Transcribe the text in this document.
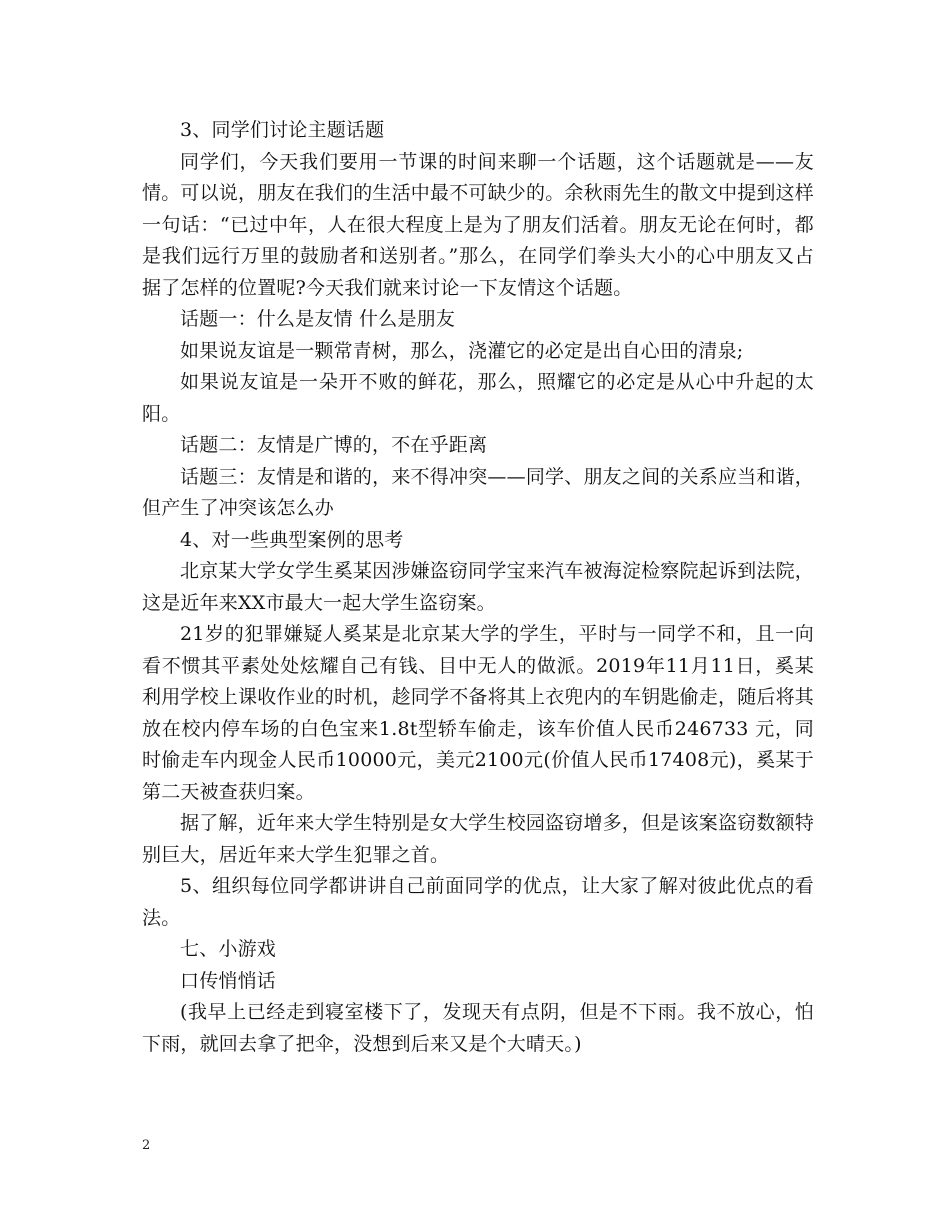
3、同学们讨论主题话题

同学们，今天我们要用一节课的时间来聊一个话题，这个话题就是——友情。可以说，朋友在我们的生活中最不可缺少的。余秋雨先生的散文中提到这样一句话：“已过中年，人在很大程度上是为了朋友们活着。朋友无论在何时，都是我们远行万里的鼓励者和送别者。”那么，在同学们拳头大小的心中朋友又占据了怎样的位置呢?今天我们就来讨论一下友情这个话题。

话题一：什么是友情 什么是朋友

如果说友谊是一颗常青树，那么，浇灌它的必定是出自心田的清泉;

如果说友谊是一朵开不败的鲜花，那么，照耀它的必定是从心中升起的太阳。

话题二：友情是广博的，不在乎距离

话题三：友情是和谐的，来不得冲突——同学、朋友之间的关系应当和谐，但产生了冲突该怎么办

4、对一些典型案例的思考

北京某大学女学生奚某因涉嫌盗窃同学宝来汽车被海淀检察院起诉到法院，这是近年来XX市最大一起大学生盗窃案。

21岁的犯罪嫌疑人奚某是北京某大学的学生，平时与一同学不和，且一向看不惯其平素处处炫耀自己有钱、目中无人的做派。2019年11月11日，奚某利用学校上课收作业的时机，趁同学不备将其上衣兜内的车钥匙偷走，随后将其放在校内停车场的白色宝来1.8t型轿车偷走，该车价值人民币246733 元，同时偷走车内现金人民币10000元，美元2100元(价值人民币17408元)，奚某于第二天被查获归案。

据了解，近年来大学生特别是女大学生校园盗窃增多，但是该案盗窃数额特别巨大，居近年来大学生犯罪之首。

5、组织每位同学都讲讲自己前面同学的优点，让大家了解对彼此优点的看法。

七、小游戏

口传悄悄话

(我早上已经走到寝室楼下了，发现天有点阴，但是不下雨。我不放心，怕下雨，就回去拿了把伞，没想到后来又是个大晴天。)

2
